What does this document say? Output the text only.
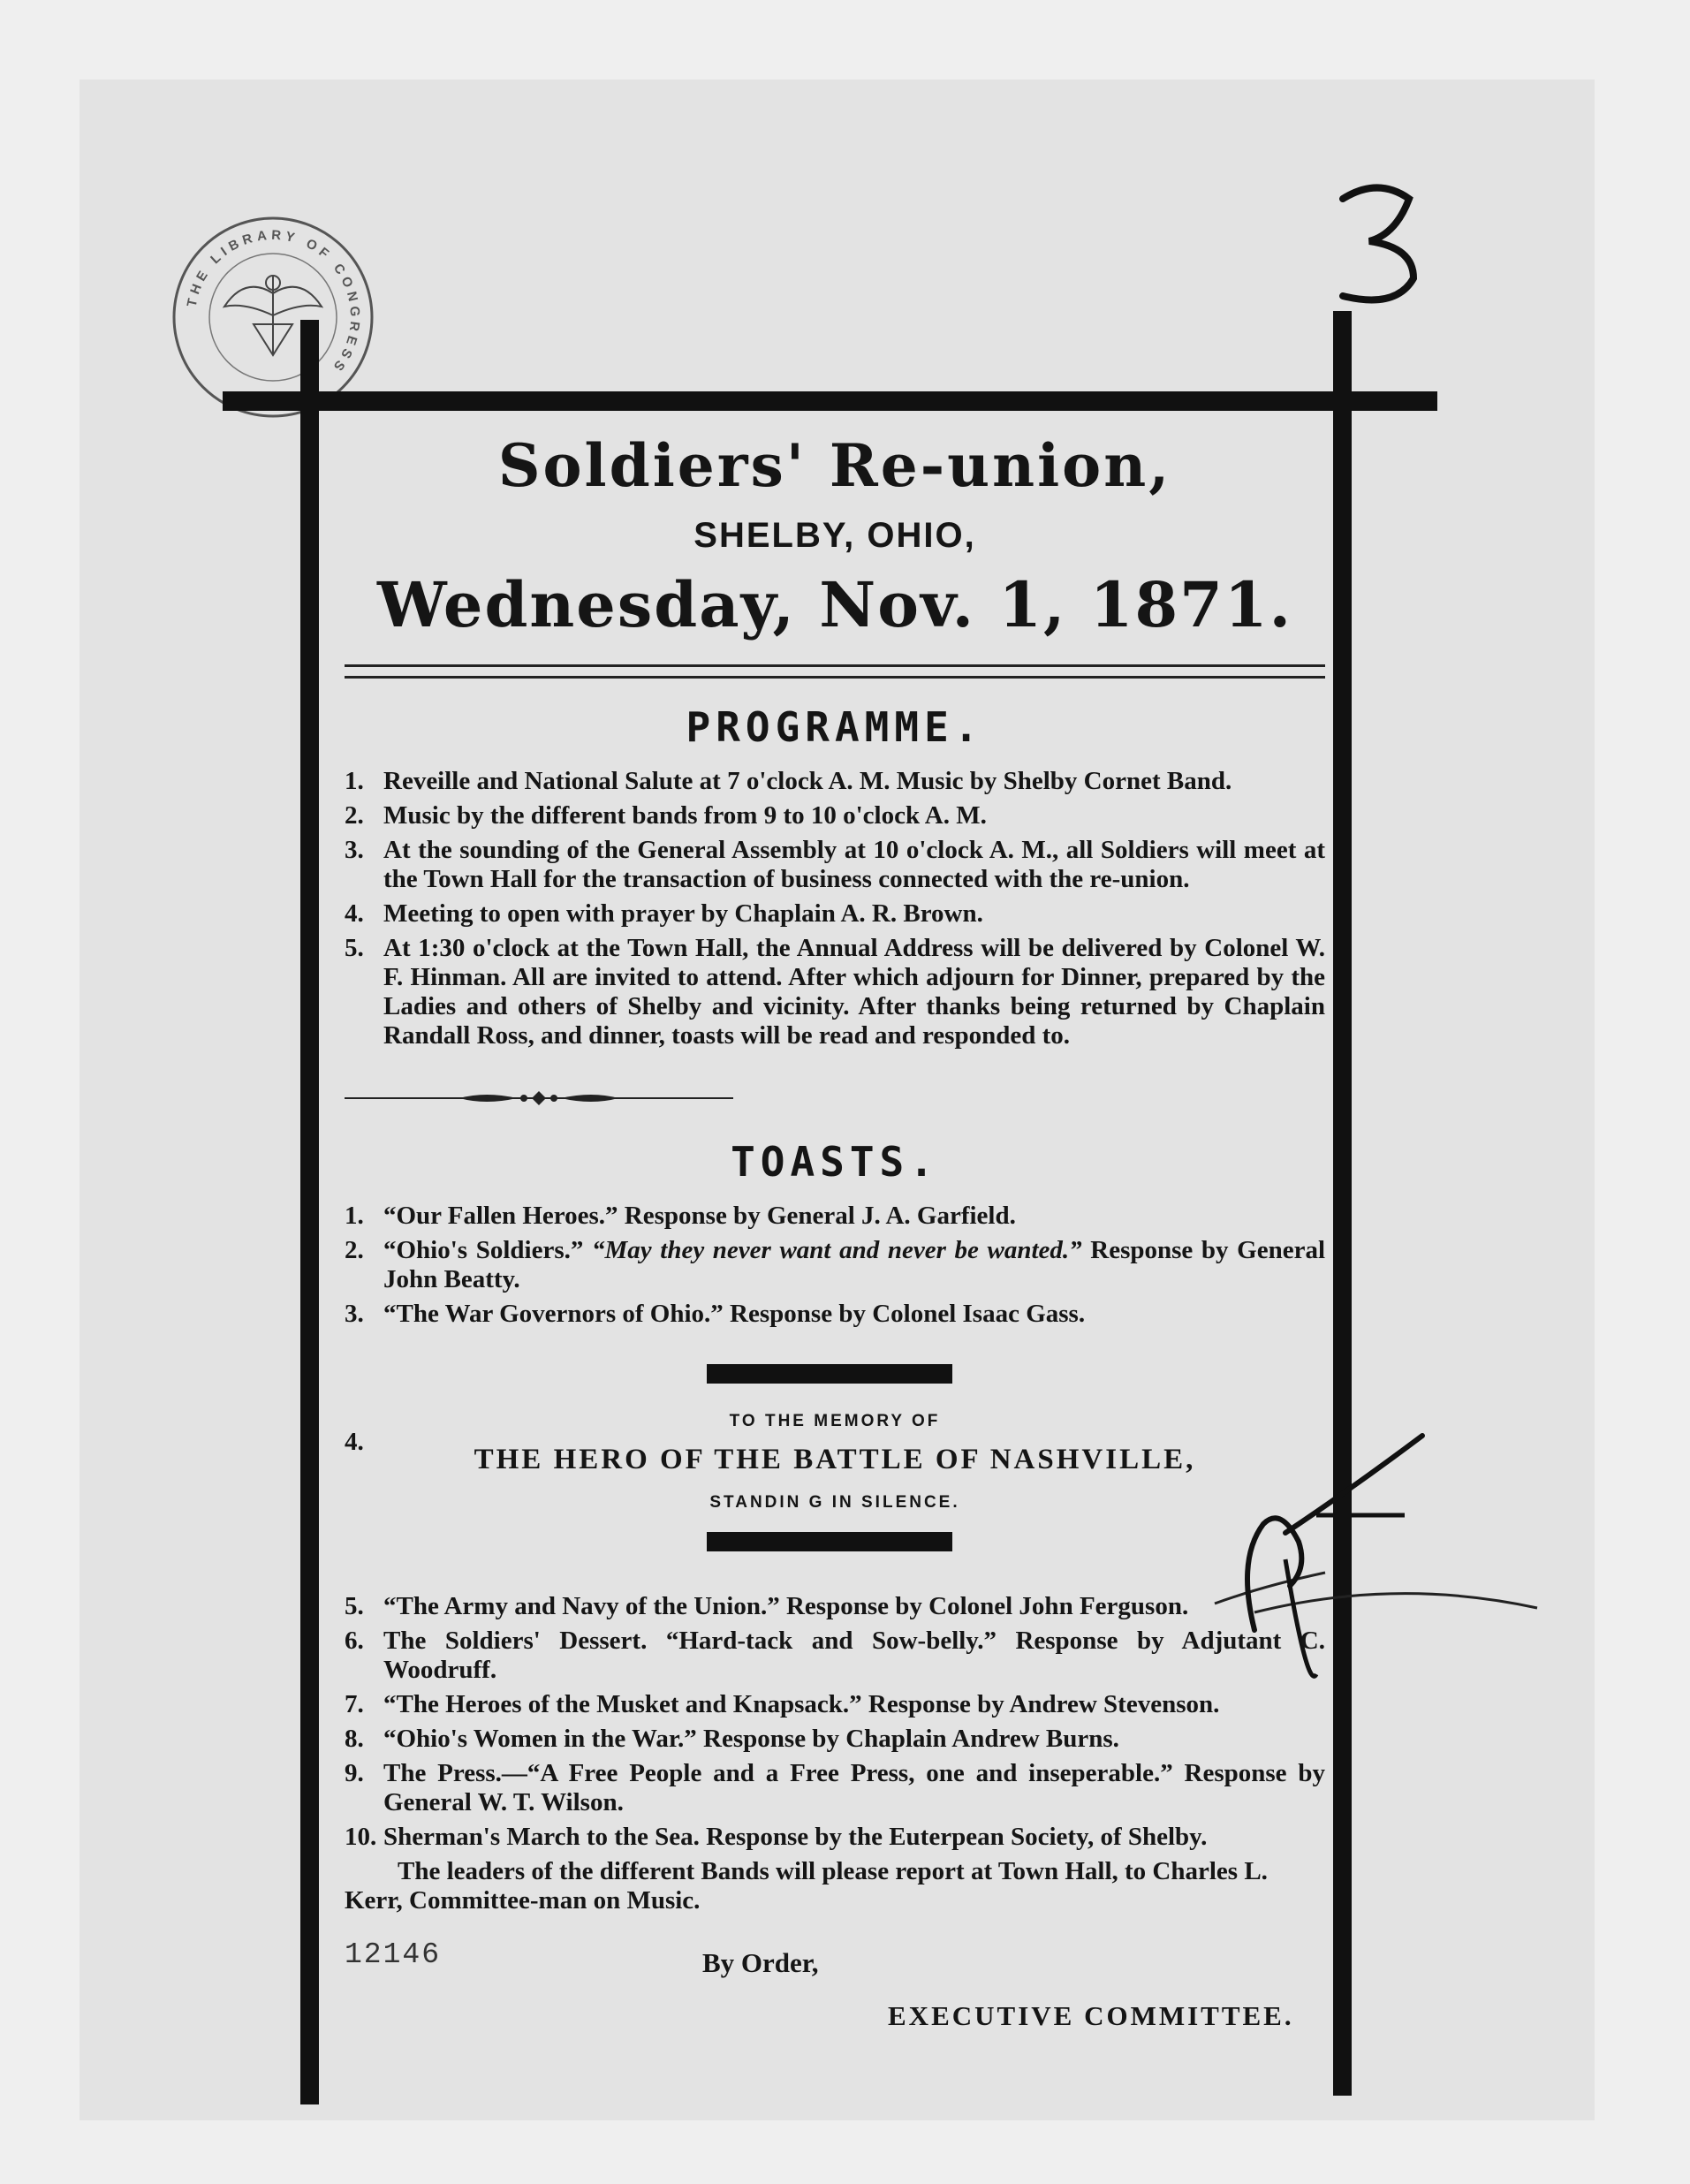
THE LIBRARY OF CONGRESS
Soldiers' Re-union,
SHELBY, OHIO,
Wednesday, Nov. 1, 1871.
PROGRAMME.
1. Reveille and National Salute at 7 o'clock A. M. Music by Shelby Cornet Band.
2. Music by the different bands from 9 to 10 o'clock A. M.
3. At the sounding of the General Assembly at 10 o'clock A. M., all Soldiers will meet at the Town Hall for the transaction of business connected with the re-union.
4. Meeting to open with prayer by Chaplain A. R. Brown.
5. At 1:30 o'clock at the Town Hall, the Annual Address will be delivered by Colonel W. F. Hinman. All are invited to attend. After which adjourn for Dinner, prepared by the Ladies and others of Shelby and vicinity. After thanks being returned by Chaplain Randall Ross, and dinner, toasts will be read and responded to.
TOASTS.
1. “Our Fallen Heroes.” Response by General J. A. Garfield.
2. “Ohio's Soldiers.” “May they never want and never be wanted.” Response by General John Beatty.
3. “The War Governors of Ohio.” Response by Colonel Isaac Gass.
4.
TO THE MEMORY OF
THE HERO OF THE BATTLE OF NASHVILLE,
STANDIN G IN SILENCE.
5. “The Army and Navy of the Union.” Response by Colonel John Ferguson.
6. The Soldiers' Dessert. “Hard-tack and Sow-belly.” Response by Adjutant C. Woodruff.
7. “The Heroes of the Musket and Knapsack.” Response by Andrew Stevenson.
8. “Ohio's Women in the War.” Response by Chaplain Andrew Burns.
9. The Press.—“A Free People and a Free Press, one and inseperable.” Response by General W. T. Wilson.
10. Sherman's March to the Sea. Response by the Euterpean Society, of Shelby.
The leaders of the different Bands will please report at Town Hall, to Charles L. Kerr, Committee-man on Music.
12146	By Order,
EXECUTIVE COMMITTEE.
